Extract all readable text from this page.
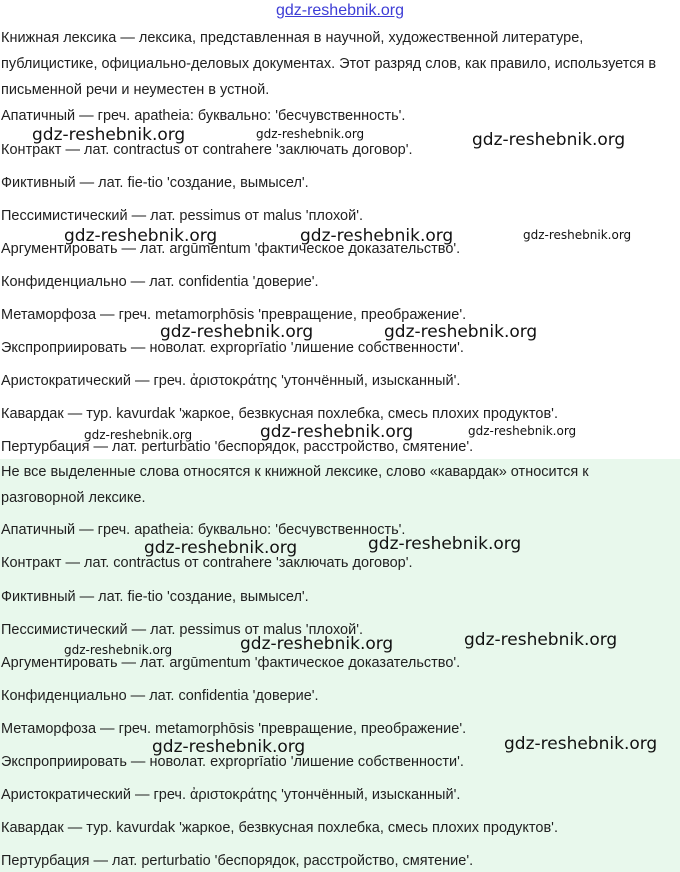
gdz-reshebnik.org

Книжная лексика — лексика, представленная в научной, художественной литературе, публицистике, официально-деловых документах. Этот разряд слов, как правило, используется в письменной речи и неуместен в устной.

Апатичный — греч. apatheia: буквально: 'бесчувственность'.
Контракт — лат. contractus от contrahere 'заключать договор'.
Фиктивный — лат. fie-tio 'создание, вымысел'.
Пессимистический — лат. pessimus от malus 'плохой'.
Аргументировать — лат. argūmentum 'фактическое доказательство'.
Конфиденциально — лат. confidentia 'доверие'.
Метаморфоза — греч. metamorphōsis 'превращение, преображение'.
Экспроприировать — новолат. exproprīatio 'лишение собственности'.
Аристократический — греч. ἀριστοκράτης 'утончённый, изысканный'.
Кавардак — тур. kavurdak 'жаркое, безвкусная похлебка, смесь плохих продуктов'.
Пертурбация — лат. perturbatio 'беспорядок, расстройство, смятение'.

Не все выделенные слова относятся к книжной лексике, слово «кавардак» относится к разговорной лексике.

Апатичный — греч. apatheia: буквально: 'бесчувственность'.
Контракт — лат. contractus от contrahere 'заключать договор'.
Фиктивный — лат. fie-tio 'создание, вымысел'.
Пессимистический — лат. pessimus от malus 'плохой'.
Аргументировать — лат. argūmentum 'фактическое доказательство'.
Конфиденциально — лат. confidentia 'доверие'.
Метаморфоза — греч. metamorphōsis 'превращение, преображение'.
Экспроприировать — новолат. exproprīatio 'лишение собственности'.
Аристократический — греч. ἀριστοκράτης 'утончённый, изысканный'.
Кавардак — тур. kavurdak 'жаркое, безвкусная похлебка, смесь плохих продуктов'.
Пертурбация — лат. perturbatio 'беспорядок, расстройство, смятение'.
gdz-reshebnik.org	gdz-reshebnik.org	gdz-reshebnik.org
gdz-reshebnik.org	gdz-reshebnik.org	gdz-reshebnik.org
gdz-reshebnik.org	gdz-reshebnik.org
gdz-reshebnik.org	gdz-reshebnik.org	gdz-reshebnik.org
gdz-reshebnik.org	gdz-reshebnik.org
gdz-reshebnik.org	gdz-reshebnik.org
gdz-reshebnik.org
gdz-reshebnik.org	gdz-reshebnik.org
